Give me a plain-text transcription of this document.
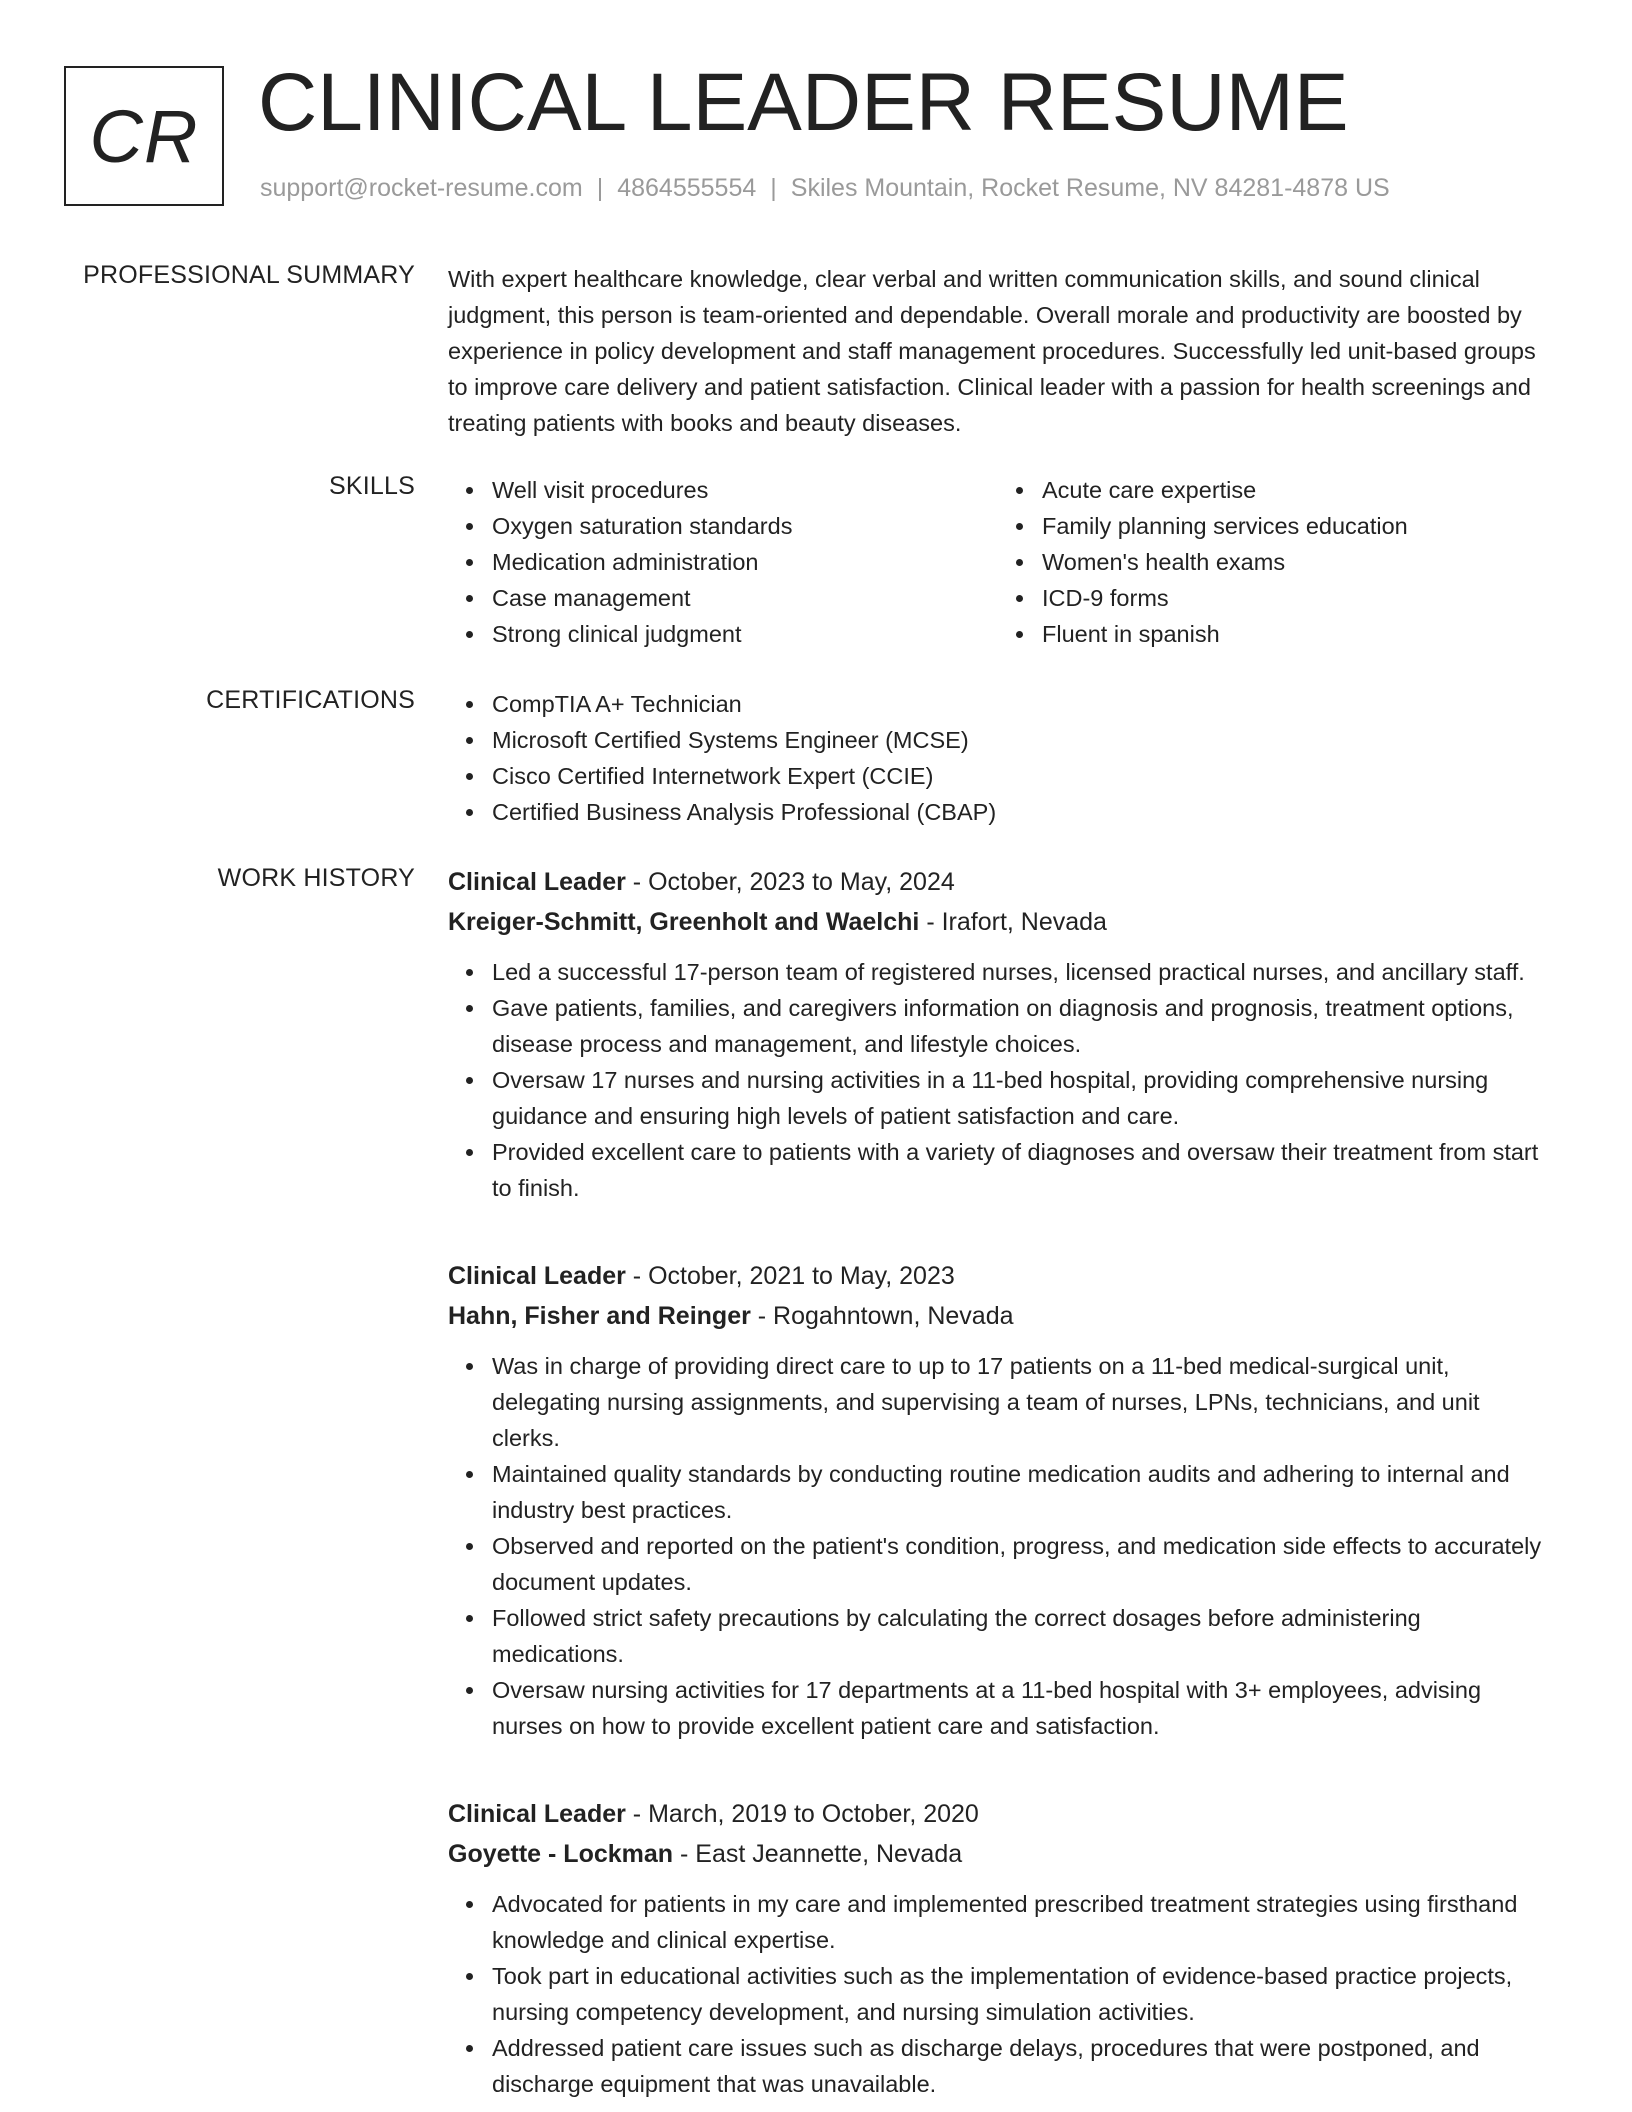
CR CLINICAL LEADER RESUME
support@rocket-resume.com | 4864555554 | Skiles Mountain, Rocket Resume, NV 84281-4878 US
PROFESSIONAL SUMMARY With expert healthcare knowledge, clear verbal and written communication skills, and sound clinical judgment, this person is team-oriented and dependable. Overall morale and productivity are boosted by experience in policy development and staff management procedures. Successfully led unit-based groups to improve care delivery and patient satisfaction. Clinical leader with a passion for health screenings and treating patients with books and beauty diseases.

SKILLS	Well visit procedures
Oxygen saturation standards
Medication administration
Case management
Strong clinical judgment
Acute care expertise
Family planning services education
Women's health exams
ICD-9 forms
Fluent in spanish
CERTIFICATIONS	CompTIA A+ Technician
Microsoft Certified Systems Engineer (MCSE)
Cisco Certified Internetwork Expert (CCIE)
Certified Business Analysis Professional (CBAP)
WORK HISTORY Clinical Leader - October, 2023 to May, 2024
Kreiger-Schmitt, Greenholt and Waelchi - Irafort, Nevada
Led a successful 17-person team of registered nurses, licensed practical nurses, and ancillary staff.
Gave patients, families, and caregivers information on diagnosis and prognosis, treatment options, disease process and management, and lifestyle choices.
Oversaw 17 nurses and nursing activities in a 11-bed hospital, providing comprehensive nursing guidance and ensuring high levels of patient satisfaction and care.
Provided excellent care to patients with a variety of diagnoses and oversaw their treatment from start to finish.
Clinical Leader - October, 2021 to May, 2023
Hahn, Fisher and Reinger - Rogahntown, Nevada
Was in charge of providing direct care to up to 17 patients on a 11-bed medical-surgical unit, delegating nursing assignments, and supervising a team of nurses, LPNs, technicians, and unit clerks.
Maintained quality standards by conducting routine medication audits and adhering to internal and industry best practices.
Observed and reported on the patient's condition, progress, and medication side effects to accurately document updates.
Followed strict safety precautions by calculating the correct dosages before administering medications.
Oversaw nursing activities for 17 departments at a 11-bed hospital with 3+ employees, advising nurses on how to provide excellent patient care and satisfaction.
Clinical Leader - March, 2019 to October, 2020
Goyette - Lockman - East Jeannette, Nevada
Advocated for patients in my care and implemented prescribed treatment strategies using firsthand knowledge and clinical expertise.
Took part in educational activities such as the implementation of evidence-based practice projects, nursing competency development, and nursing simulation activities.
Addressed patient care issues such as discharge delays, procedures that were postponed, and discharge equipment that was unavailable.
